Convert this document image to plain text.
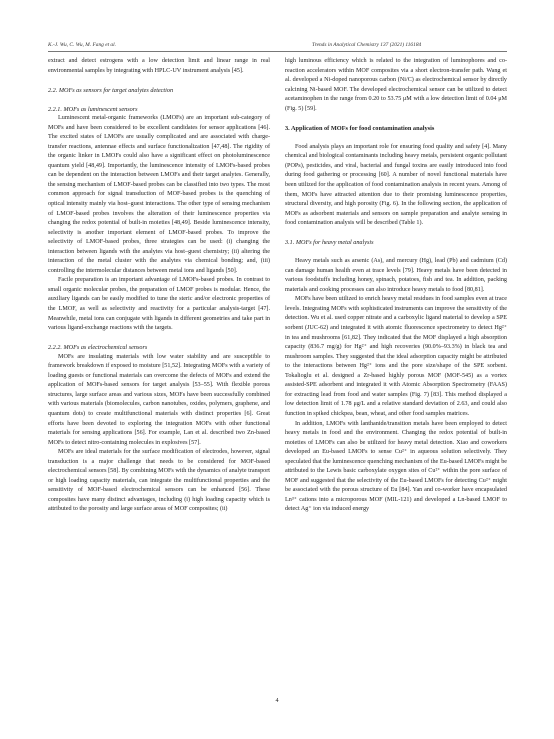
K.-J. Wu, C. Wu, M. Fang et al.	Trends in Analytical Chemistry 137 (2021) 116184

extract and detect estrogens with a low detection limit and linear range in real environmental samples by integrating with HPLC-UV instrument analysis [45].

2.2. MOFs as sensors for target analytes detection
2.2.1. MOFs as luminescent sensors

Luminescent metal-organic frameworks (LMOFs) are an important sub-category of MOFs and have been considered to be excellent candidates for sensor applications [46]. The excited states of LMOFs are usually complicated and are associated with charge-transfer reactions, antennae effects and surface functionalization [47,48]. The rigidity of the organic linker in LMOFs could also have a significant effect on photoluminescence quantum yield [48,49]. Importantly, the luminescence intensity of LMOFs-based probes can be dependent on the interaction between LMOFs and their target analytes. Generally, the sensing mechanism of LMOF-based probes can be classified into two types. The most common approach for signal transduction of MOF-based probes is the quenching of optical intensity mainly via host–guest interactions. The other type of sensing mechanism of LMOF-based probes involves the alteration of their luminescence properties via changing the redox potential of built-in moieties [48,49]. Beside luminescence intensity, selectivity is another important element of LMOF-based probes. To improve the selectivity of LMOF-based probes, three strategies can be used: (i) changing the interaction between ligands with the analytes via host–guest chemistry; (ii) altering the interaction of the metal cluster with the analytes via chemical bonding; and, (iii) controlling the intermolecular distances between metal ions and ligands [50].

Facile preparation is an important advantage of LMOFs-based probes. In contrast to small organic molecular probes, the preparation of LMOF probes is modular. Hence, the auxiliary ligands can be easily modified to tune the steric and/or electronic properties of the LMOF, as well as selectivity and reactivity for a particular analysis-target [47]. Meanwhile, metal ions can conjugate with ligands in different geometries and take part in various ligand-exchange reactions with the targets.

2.2.2. MOFs as electrochemical sensors

MOFs are insulating materials with low water stability and are susceptible to framework breakdown if exposed to moisture [51,52]. Integrating MOFs with a variety of loading guests or functional materials can overcome the defects of MOFs and extend the application of MOFs-based sensors for target analysis [53–55]. With flexible porous structures, large surface areas and various sizes, MOFs have been successfully combined with various materials (biomolecules, carbon nanotubes, oxides, polymers, graphene, and quantum dots) to create multifunctional materials with distinct properties [6]. Great efforts have been devoted to exploring the integration MOFs with other functional materials for sensing applications [56]. For example, Lan et al. described two Zn-based MOFs to detect nitro-containing molecules in explosives [57].

MOFs are ideal materials for the surface modification of electrodes, however, signal transduction is a major challenge that needs to be considered for MOF-based electrochemical sensors [58]. By combining MOFs with the dynamics of analyte transport or high loading capacity materials, can integrate the multifunctional properties and the sensitivity of MOF-based electrochemical sensors can be enhanced [56]. These composites have many distinct advantages, including (i) high loading capacity which is attributed to the porosity and large surface areas of MOF composites; (ii)

high luminous efficiency which is related to the integration of luminophores and co-reaction accelerators within MOF composites via a short electron-transfer path. Wang et al. developed a Ni-doped nanoporous carbon (Ni/C) as electrochemical sensor by directly calcining Ni-based MOF. The developed electrochemical sensor can be utilized to detect acetaminophen in the range from 0.20 to 53.75 μM with a low detection limit of 0.04 μM (Fig. 5) [59].

3. Application of MOFs for food contamination analysis

Food analysis plays an important role for ensuring food quality and safety [4]. Many chemical and biological contaminants including heavy metals, persistent organic pollutant (POPs), pesticides, and viral, bacterial and fungal toxins are easily introduced into food during food gathering or processing [60]. A number of novel functional materials have been utilized for the application of food contamination analysis in recent years. Among of them, MOFs have attracted attention due to their promising luminescence properties, structural diversity, and high porosity (Fig. 6). In the following section, the application of MOFs as adsorbent materials and sensors on sample preparation and analyte sensing in food contamination analysis will be described (Table 1).

3.1. MOFs for heavy metal analysis

Heavy metals such as arsenic (As), and mercury (Hg), lead (Pb) and cadmium (Cd) can damage human health even at trace levels [79]. Heavy metals have been detected in various foodstuffs including honey, spinach, potatoes, fish and tea. In addition, packing materials and cooking processes can also introduce heavy metals to food [80,81].

MOFs have been utilized to enrich heavy metal residues in food samples even at trace levels. Integrating MOFs with sophisticated instruments can improve the sensitivity of the detection. Wu et al. used copper nitrate and a carboxylic ligand material to develop a SPE sorbent (JUC-62) and integrated it with atomic fluorescence spectrometry to detect Hg²⁺ in tea and mushrooms [61,82]. They indicated that the MOF displayed a high absorption capacity (836.7 mg/g) for Hg²⁺ and high recoveries (90.0%–93.3%) in black tea and mushroom samples. They suggested that the ideal adsorption capacity might be attributed to the interactions between Hg²⁺ ions and the pore size/shape of the SPE sorbent. Tokalioglu et al. designed a Zr-based highly porous MOF (MOF-545) as a vortex assisted-SPE adsorbent and integrated it with Atomic Absorption Spectrometry (FAAS) for extracting lead from food and water samples (Fig. 7) [83]. This method displayed a low detection limit of 1.78 μg/L and a relative standard deviation of 2.63, and could also function in spiked chickpea, bean, wheat, and other food samples matrices.

In addition, LMOFs with lanthanide/transition metals have been employed to detect heavy metals in food and the environment. Changing the redox potential of built-in moieties of LMOFs can also be utilized for heavy metal detection. Xiao and coworkers developed an Eu-based LMOFs to sense Cu²⁺ in aqueous solution selectively. They speculated that the luminescence quenching mechanism of the Eu-based LMOFs might be attributed to the Lewis basic carboxylate oxygen sites of Cu²⁺ within the pore surface of MOF and suggested that the selectivity of the Eu-based LMOFs for detecting Cu²⁺ might be associated with the porous structure of Eu [84]. Yan and co-worker have encapsulated Ln³⁺ cations into a microporous MOF (MIL-121) and developed a Ln-based LMOF to detect Ag⁺ ion via induced energy

4
